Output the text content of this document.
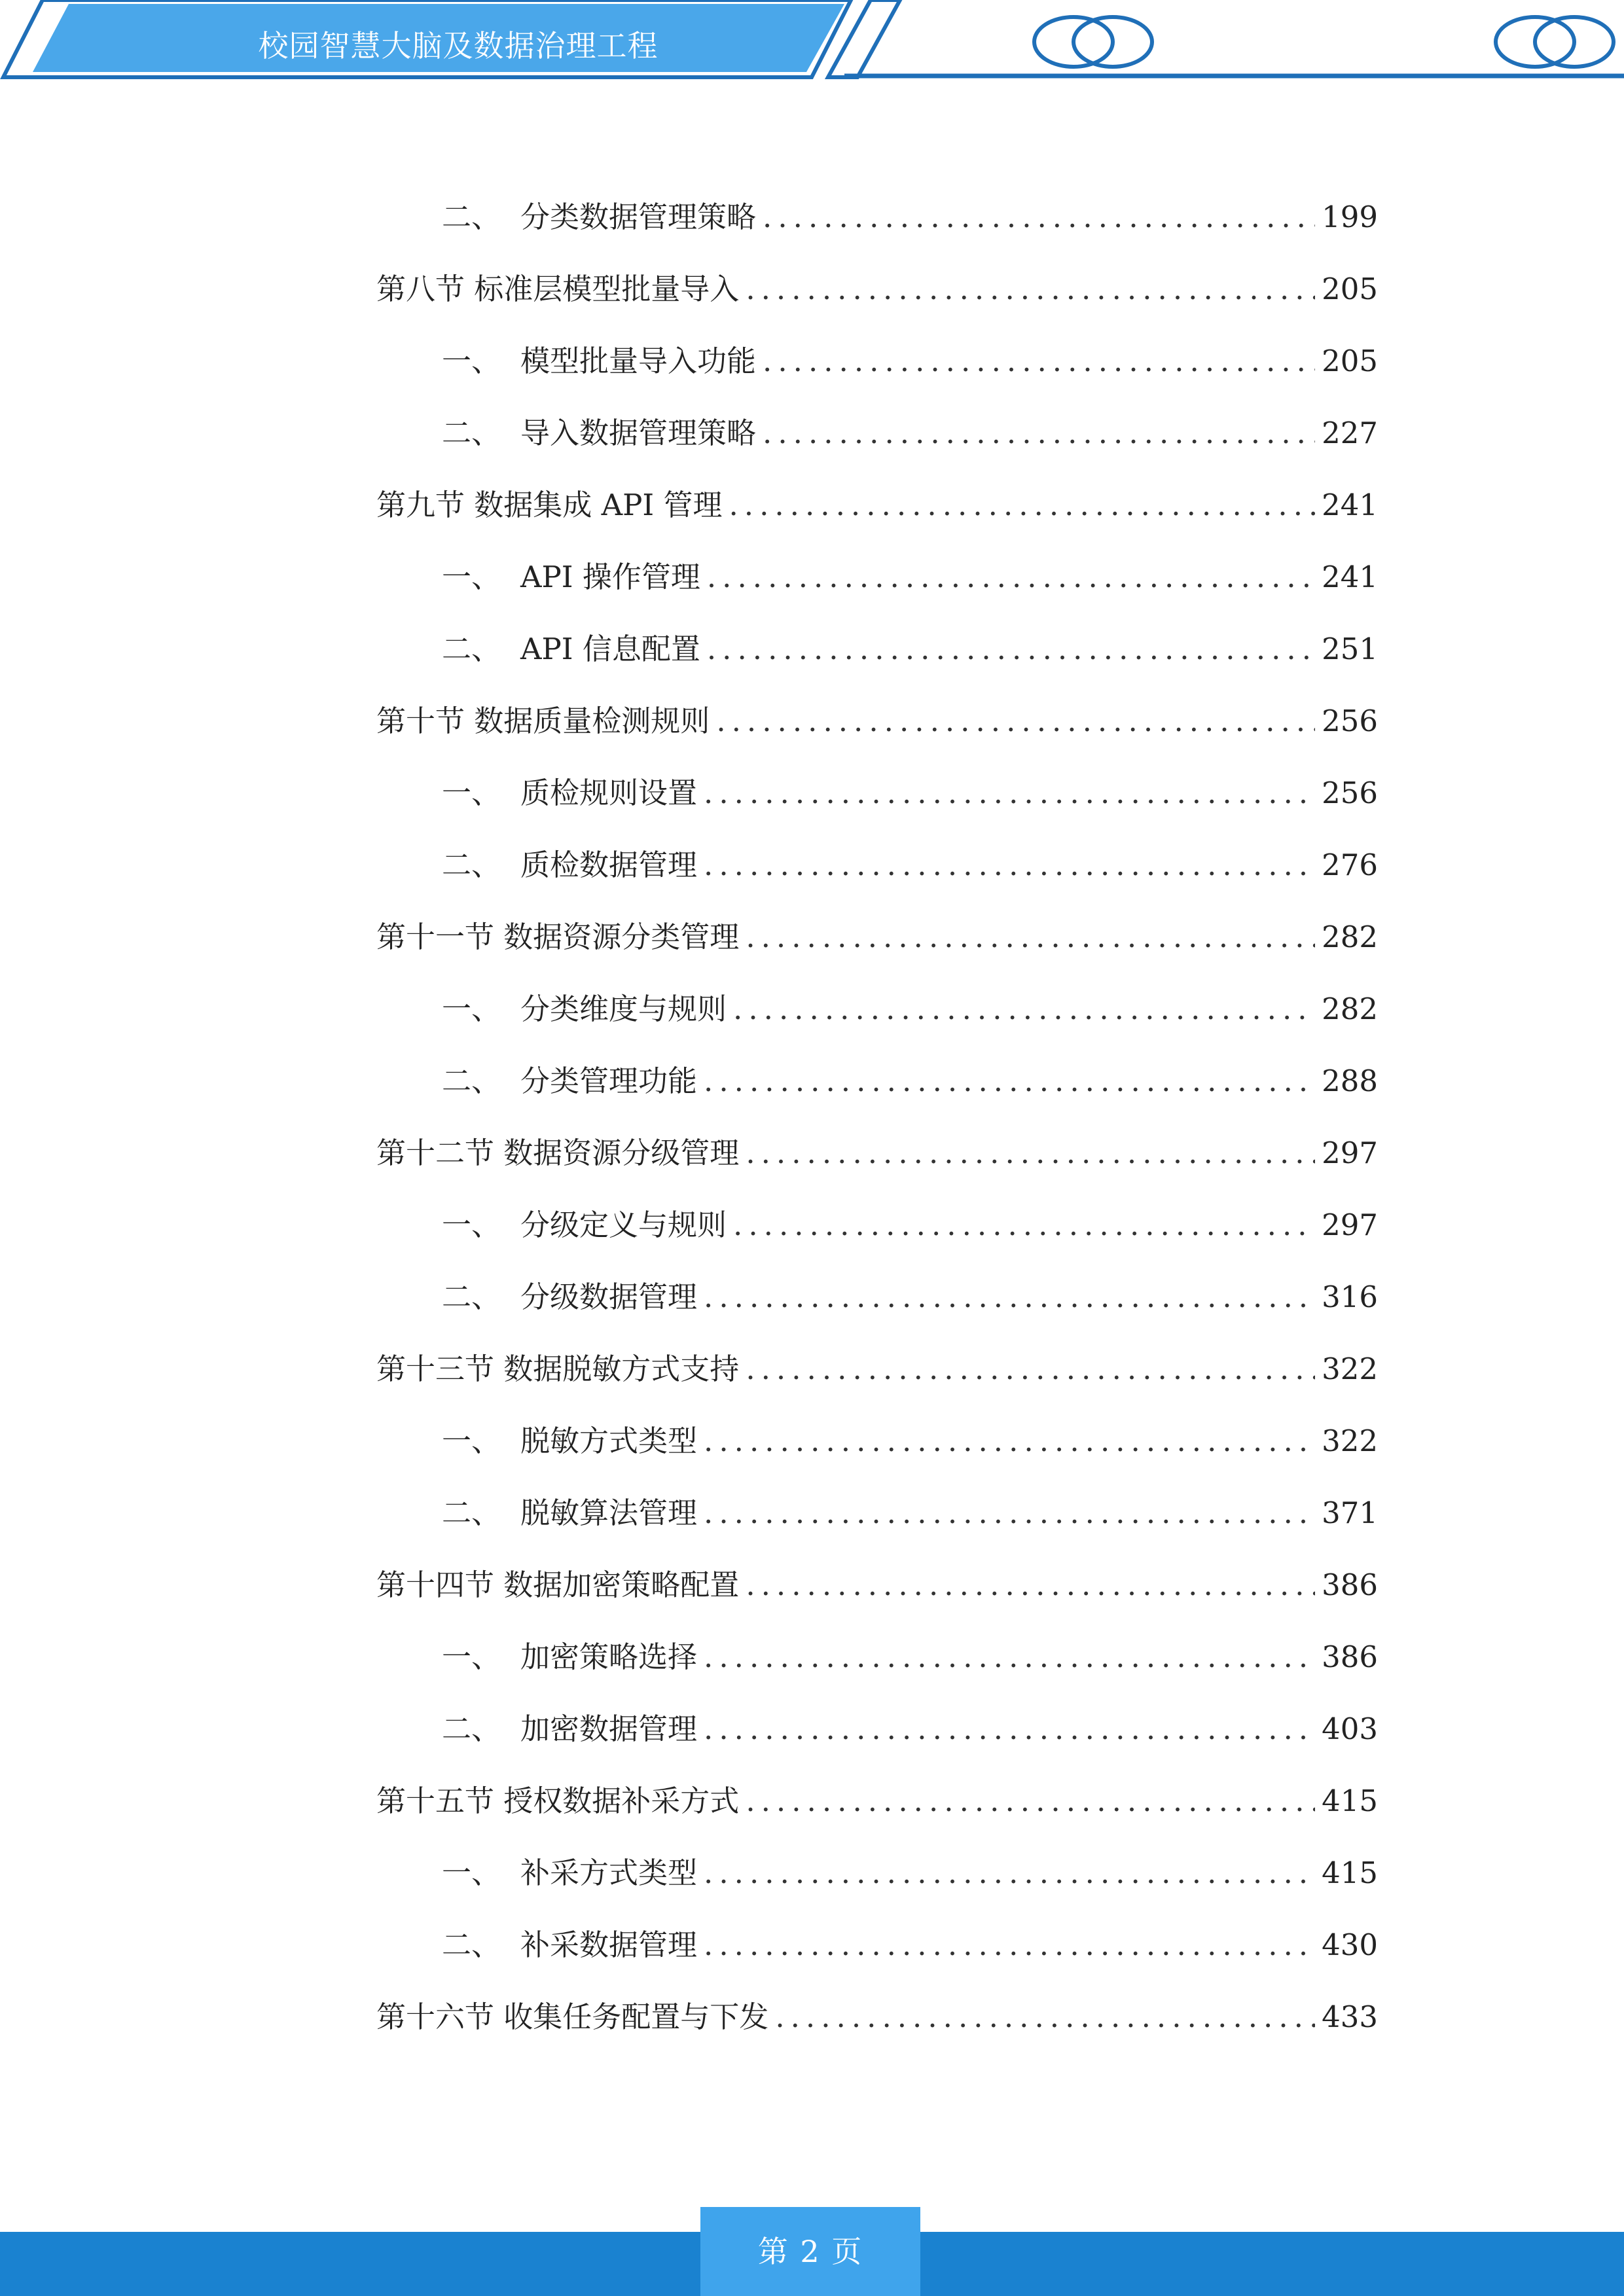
校园智慧大脑及数据治理工程
二、 分类数据管理策略 .....	199
第八节 标准层模型批量导入 .....	205
一、 模型批量导入功能 .....	205
二、 导入数据管理策略 .....	227
第九节 数据集成 API 管理 .....	241
一、 API 操作管理 .....	241
二、 API 信息配置 .....	251
第十节 数据质量检测规则 .....	256
一、 质检规则设置 .....	256
二、 质检数据管理 .....	276
第十一节 数据资源分类管理 .....	282
一、 分类维度与规则 .....	282
二、 分类管理功能 .....	288
第十二节 数据资源分级管理 .....	297
一、 分级定义与规则 .....	297
二、 分级数据管理 .....	316
第十三节 数据脱敏方式支持 .....	322
一、 脱敏方式类型 .....	322
二、 脱敏算法管理 .....	371
第十四节 数据加密策略配置 .....	386
一、 加密策略选择 .....	386
二、 加密数据管理 .....	403
第十五节 授权数据补采方式 .....	415
一、 补采方式类型 .....	415
二、 补采数据管理 .....	430
第十六节 收集任务配置与下发 .....	433
第 2 页
